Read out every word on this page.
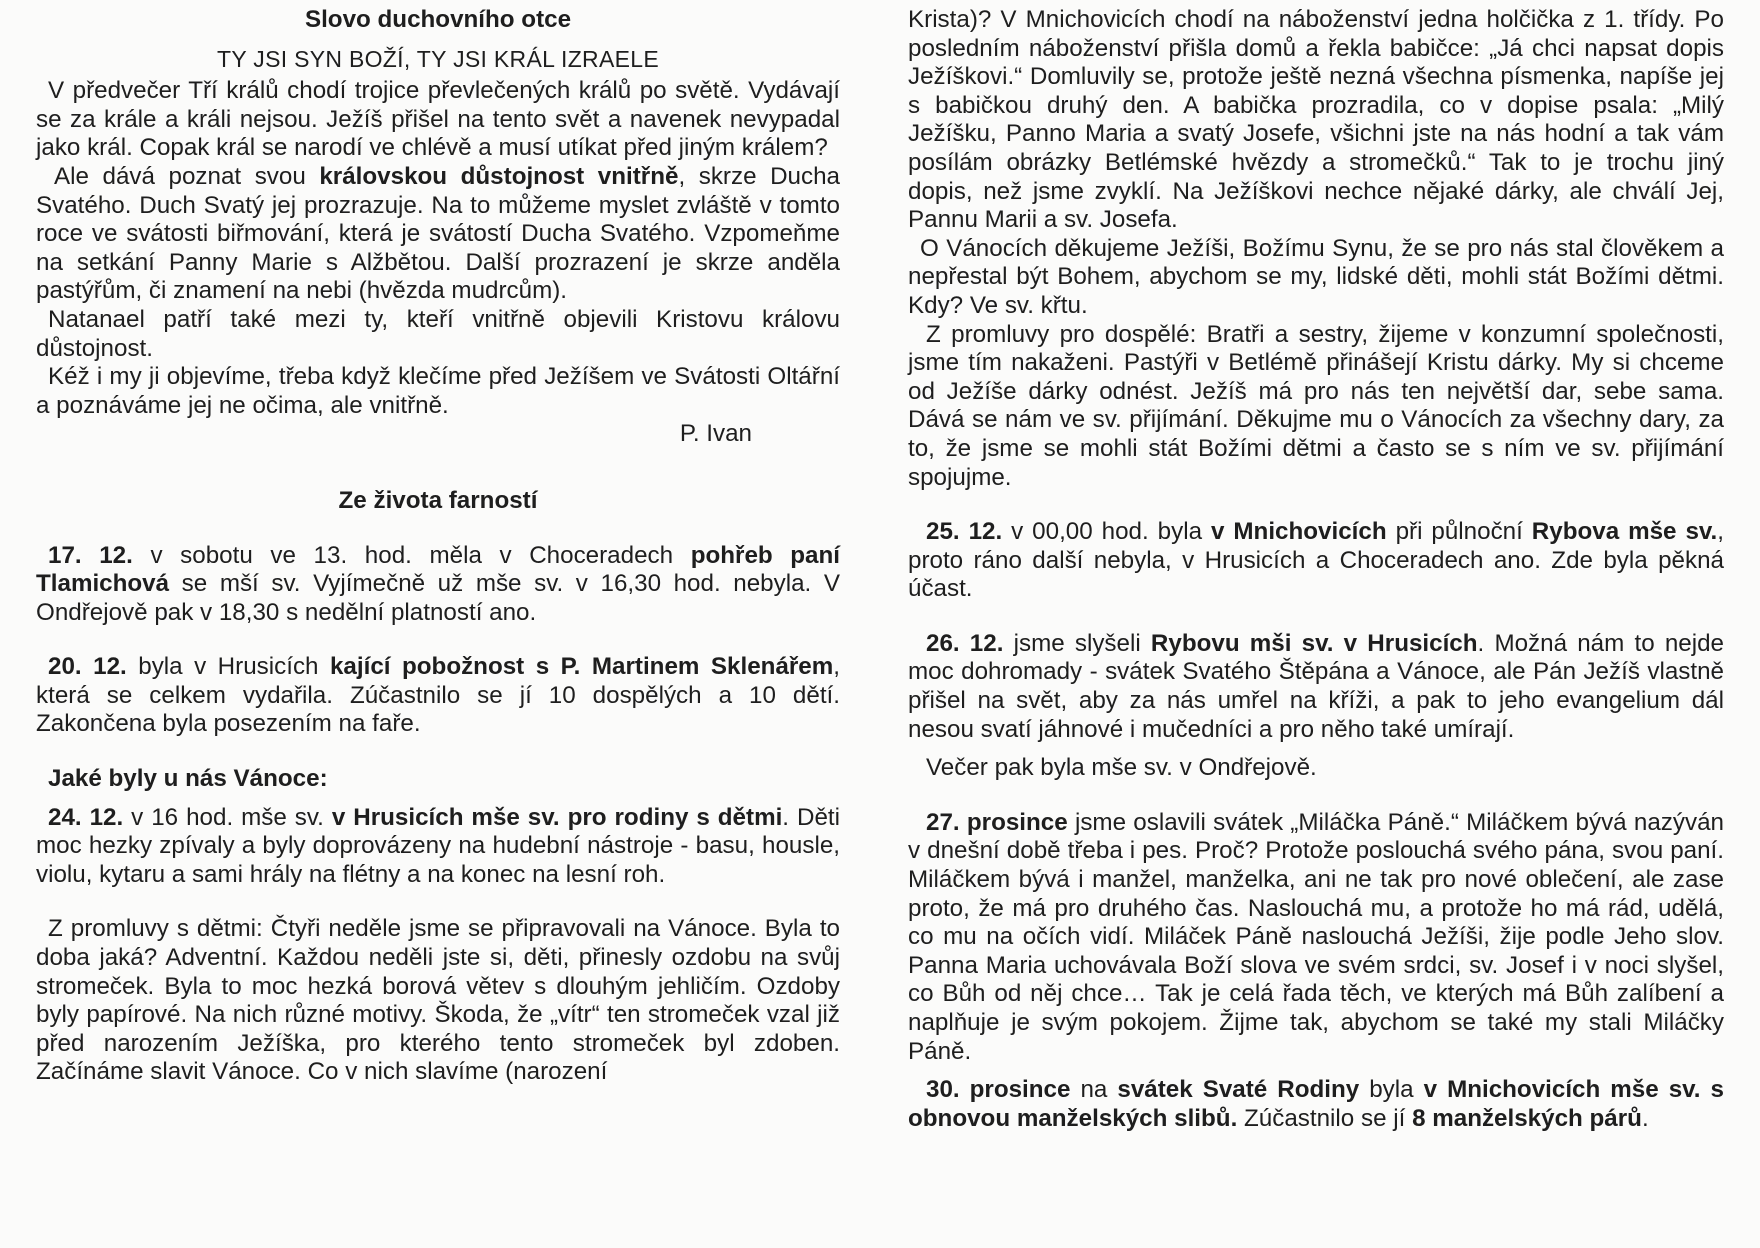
Slovo duchovního otce

TY JSI SYN BOŽÍ, TY JSI KRÁL IZRAELE

V předvečer Tří králů chodí trojice převlečených králů po světě. Vydávají se za krále a králi nejsou. Ježíš přišel na tento svět a navenek nevypadal jako král. Copak král se narodí ve chlévě a musí utíkat před jiným králem?

Ale dává poznat svou královskou důstojnost vnitřně, skrze Ducha Svatého. Duch Svatý jej prozrazuje. Na to můžeme myslet zvláště v tomto roce ve svátosti biřmování, která je svátostí Ducha Svatého. Vzpomeňme na setkání Panny Marie s Alžbětou. Další prozrazení je skrze anděla pastýřům, či znamení na nebi (hvězda mudrcům).

Natanael patří také mezi ty, kteří vnitřně objevili Kristovu královu důstojnost.

Kéž i my ji objevíme, třeba když klečíme před Ježíšem ve Svátosti Oltářní a poznáváme jej ne očima, ale vnitřně.

P. Ivan

Ze života farností

17. 12. v sobotu ve 13. hod. měla v Choceradech pohřeb paní Tlamichová se mší sv. Vyjímečně už mše sv. v 16,30 hod. nebyla. V Ondřejově pak v 18,30 s nedělní platností ano.

20. 12. byla v Hrusicích kající pobožnost s P. Martinem Sklenářem, která se celkem vydařila. Zúčastnilo se jí 10 dospělých a 10 dětí. Zakončena byla posezením na faře.

Jaké byly u nás Vánoce:

24. 12. v 16 hod. mše sv. v Hrusicích mše sv. pro rodiny s dětmi. Děti moc hezky zpívaly a byly doprovázeny na hudební nástroje - basu, housle, violu, kytaru a sami hrály na flétny a na konec na lesní roh.

Z promluvy s dětmi: Čtyři neděle jsme se připravovali na Vánoce. Byla to doba jaká? Adventní. Každou neděli jste si, děti, přinesly ozdobu na svůj stromeček. Byla to moc hezká borová větev s dlouhým jehličím. Ozdoby byly papírové. Na nich různé motivy. Škoda, že „vítr“ ten stromeček vzal již před narozením Ježíška, pro kterého tento stromeček byl zdoben. Začínáme slavit Vánoce. Co v nich slavíme (narození

Krista)? V Mnichovicích chodí na náboženství jedna holčička z 1. třídy. Po posledním náboženství přišla domů a řekla babičce: „Já chci napsat dopis Ježíškovi.“ Domluvily se, protože ještě nezná všechna písmenka, napíše jej s babičkou druhý den. A babička prozradila, co v dopise psala: „Milý Ježíšku, Panno Maria a svatý Josefe, všichni jste na nás hodní a tak vám posílám obrázky Betlémské hvězdy a stromečků.“ Tak to je trochu jiný dopis, než jsme zvyklí. Na Ježíškovi nechce nějaké dárky, ale chválí Jej, Pannu Marii a sv. Josefa.

O Vánocích děkujeme Ježíši, Božímu Synu, že se pro nás stal člověkem a nepřestal být Bohem, abychom se my, lidské děti, mohli stát Božími dětmi. Kdy? Ve sv. křtu.

Z promluvy pro dospělé: Bratři a sestry, žijeme v konzumní společnosti, jsme tím nakaženi. Pastýři v Betlémě přinášejí Kristu dárky. My si chceme od Ježíše dárky odnést. Ježíš má pro nás ten největší dar, sebe sama. Dává se nám ve sv. přijímání. Děkujme mu o Vánocích za všechny dary, za to, že jsme se mohli stát Božími dětmi a často se s ním ve sv. přijímání spojujme.

25. 12. v 00,00 hod. byla v Mnichovicích při půlnoční Rybova mše sv., proto ráno další nebyla, v Hrusicích a Choceradech ano. Zde byla pěkná účast.

26. 12. jsme slyšeli Rybovu mši sv. v Hrusicích. Možná nám to nejde moc dohromady - svátek Svatého Štěpána a Vánoce, ale Pán Ježíš vlastně přišel na svět, aby za nás umřel na kříži, a pak to jeho evangelium dál nesou svatí jáhnové i mučedníci a pro něho také umírají.

Večer pak byla mše sv. v Ondřejově.

27. prosince jsme oslavili svátek „Miláčka Páně.“ Miláčkem bývá nazýván v dnešní době třeba i pes. Proč? Protože poslouchá svého pána, svou paní. Miláčkem bývá i manžel, manželka, ani ne tak pro nové oblečení, ale zase proto, že má pro druhého čas. Naslouchá mu, a protože ho má rád, udělá, co mu na očích vidí. Miláček Páně naslouchá Ježíši, žije podle Jeho slov. Panna Maria uchovávala Boží slova ve svém srdci, sv. Josef i v noci slyšel, co Bůh od něj chce… Tak je celá řada těch, ve kterých má Bůh zalíbení a naplňuje je svým pokojem. Žijme tak, abychom se také my stali Miláčky Páně.

30. prosince na svátek Svaté Rodiny byla v Mnichovicích mše sv. s obnovou manželských slibů. Zúčastnilo se jí 8 manželských párů.
